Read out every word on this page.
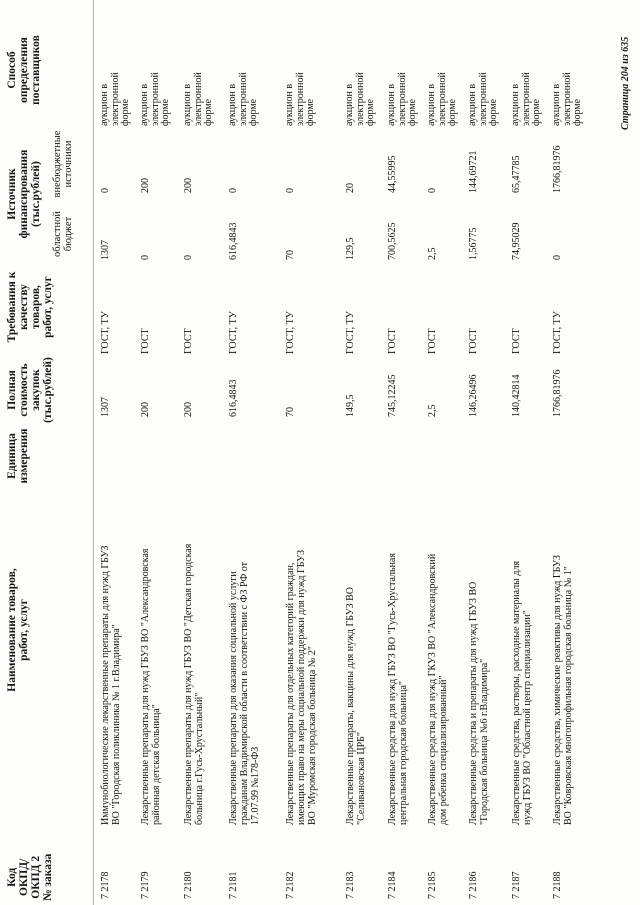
Код ОКПД/ ОКПД 2 № заказа
Наименование товаров, работ, услуг
Единица измерения
Полная стоимость закупок (тыс.рублей)
Требования к качеству товаров, работ, услуг
Источник финансирования (тыс.рублей)
областной бюджет
внебюджетные источники
Способ определения поставщиков
7 2178
Иммунобиологические лекарственные препараты для нужд ГБУЗ ВО "Городская поликлиника № 1 г.Владимира"
1307
ГОСТ, ТУ
1307
0
аукцион в электронной форме
7 2179
Лекарственные препараты для нужд ГБУЗ ВО "Александровская районная детская больница"
200
ГОСТ
0
200
аукцион в электронной форме
7 2180
Лекарственные препараты для нужд ГБУЗ ВО "Детская городская больница г.Гусь-Хрустальный"
200
ГОСТ
0
200
аукцион в электронной форме
7 2181
Лекарственные препараты для оказания социальной услуги гражданам Владимирской области в соответствии с ФЗ РФ от 17.07.99 №178-ФЗ
616,4843
ГОСТ, ТУ
616,4843
0
аукцион в электронной форме
7 2182
Лекарственные препараты для отдельных категорий граждан, имеющих право на меры социальной поддержки для нужд ГБУЗ ВО "Муромская городская больница № 2"
70
ГОСТ, ТУ
70
0
аукцион в электронной форме
7 2183
Лекарственные препараты, вакцины для нужд ГБУЗ ВО "Селивановская ЦРБ"
149,5
ГОСТ, ТУ
129,5
20
аукцион в электронной форме
7 2184
Лекарственные средства для нужд ГБУЗ ВО "Гусь-Хрустальная центральная городская больница"
745,12245
ГОСТ
700,5625
44,55995
аукцион в электронной форме
7 2185
Лекарственные средства для нужд ГКУЗ ВО "Александровский дом ребенка специализированный"
2,5
ГОСТ
2,5
0
аукцион в электронной форме
7 2186
Лекарственные средства и препараты для нужд ГБУЗ ВО "Городская больница №6 г.Владимира"
146,26496
ГОСТ
1,56775
144,69721
аукцион в электронной форме
7 2187
Лекарственные средства, растворы, расходные материалы для нужд ГБУЗ ВО "Областной центр специализации"
140,42814
ГОСТ
74,95029
65,47785
аукцион в электронной форме
7 2188
Лекарственные средства, химические реактивы для нужд ГБУЗ ВО "Ковровская многопрофильная городская больница № 1"
1766,81976
ГОСТ, ТУ
0
1766,81976
аукцион в электронной форме	Страница 204 из 635
